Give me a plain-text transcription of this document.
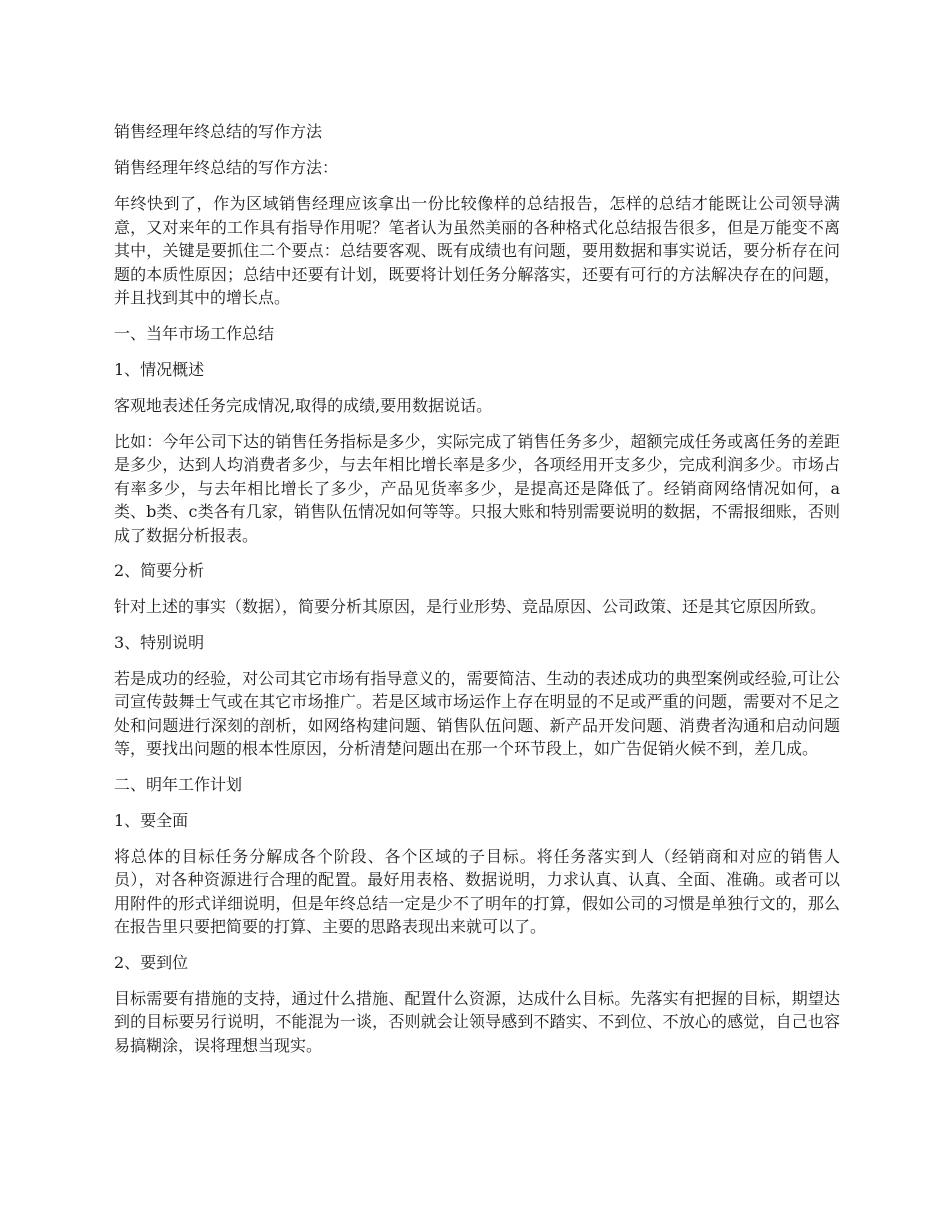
销售经理年终总结的写作方法

销售经理年终总结的写作方法：

年终快到了，作为区域销售经理应该拿出一份比较像样的总结报告，怎样的总结才能既让公司领导满意，又对来年的工作具有指导作用呢？笔者认为虽然美丽的各种格式化总结报告很多，但是万能变不离其中，关键是要抓住二个要点：总结要客观、既有成绩也有问题，要用数据和事实说话，要分析存在问题的本质性原因；总结中还要有计划，既要将计划任务分解落实，还要有可行的方法解决存在的问题，并且找到其中的增长点。

一、当年市场工作总结

1、情况概述

客观地表述任务完成情况,取得的成绩,要用数据说话。

比如：今年公司下达的销售任务指标是多少，实际完成了销售任务多少，超额完成任务或离任务的差距是多少，达到人均消费者多少，与去年相比增长率是多少，各项经用开支多少，完成利润多少。市场占有率多少，与去年相比增长了多少，产品见货率多少，是提高还是降低了。经销商网络情况如何，a类、b类、c类各有几家，销售队伍情况如何等等。只报大账和特别需要说明的数据，不需报细账，否则成了数据分析报表。

2、简要分析

针对上述的事实（数据），简要分析其原因，是行业形势、竞品原因、公司政策、还是其它原因所致。

3、特别说明

若是成功的经验，对公司其它市场有指导意义的，需要简洁、生动的表述成功的典型案例或经验,可让公司宣传鼓舞士气或在其它市场推广。若是区域市场运作上存在明显的不足或严重的问题，需要对不足之处和问题进行深刻的剖析，如网络构建问题、销售队伍问题、新产品开发问题、消费者沟通和启动问题等，要找出问题的根本性原因，分析清楚问题出在那一个环节段上，如广告促销火候不到，差几成。

二、明年工作计划

1、要全面

将总体的目标任务分解成各个阶段、各个区域的子目标。将任务落实到人（经销商和对应的销售人员），对各种资源进行合理的配置。最好用表格、数据说明，力求认真、认真、全面、准确。或者可以用附件的形式详细说明，但是年终总结一定是少不了明年的打算，假如公司的习惯是单独行文的，那么在报告里只要把简要的打算、主要的思路表现出来就可以了。

2、要到位

目标需要有措施的支持，通过什么措施、配置什么资源，达成什么目标。先落实有把握的目标，期望达到的目标要另行说明，不能混为一谈，否则就会让领导感到不踏实、不到位、不放心的感觉，自己也容易搞糊涂，误将理想当现实。
